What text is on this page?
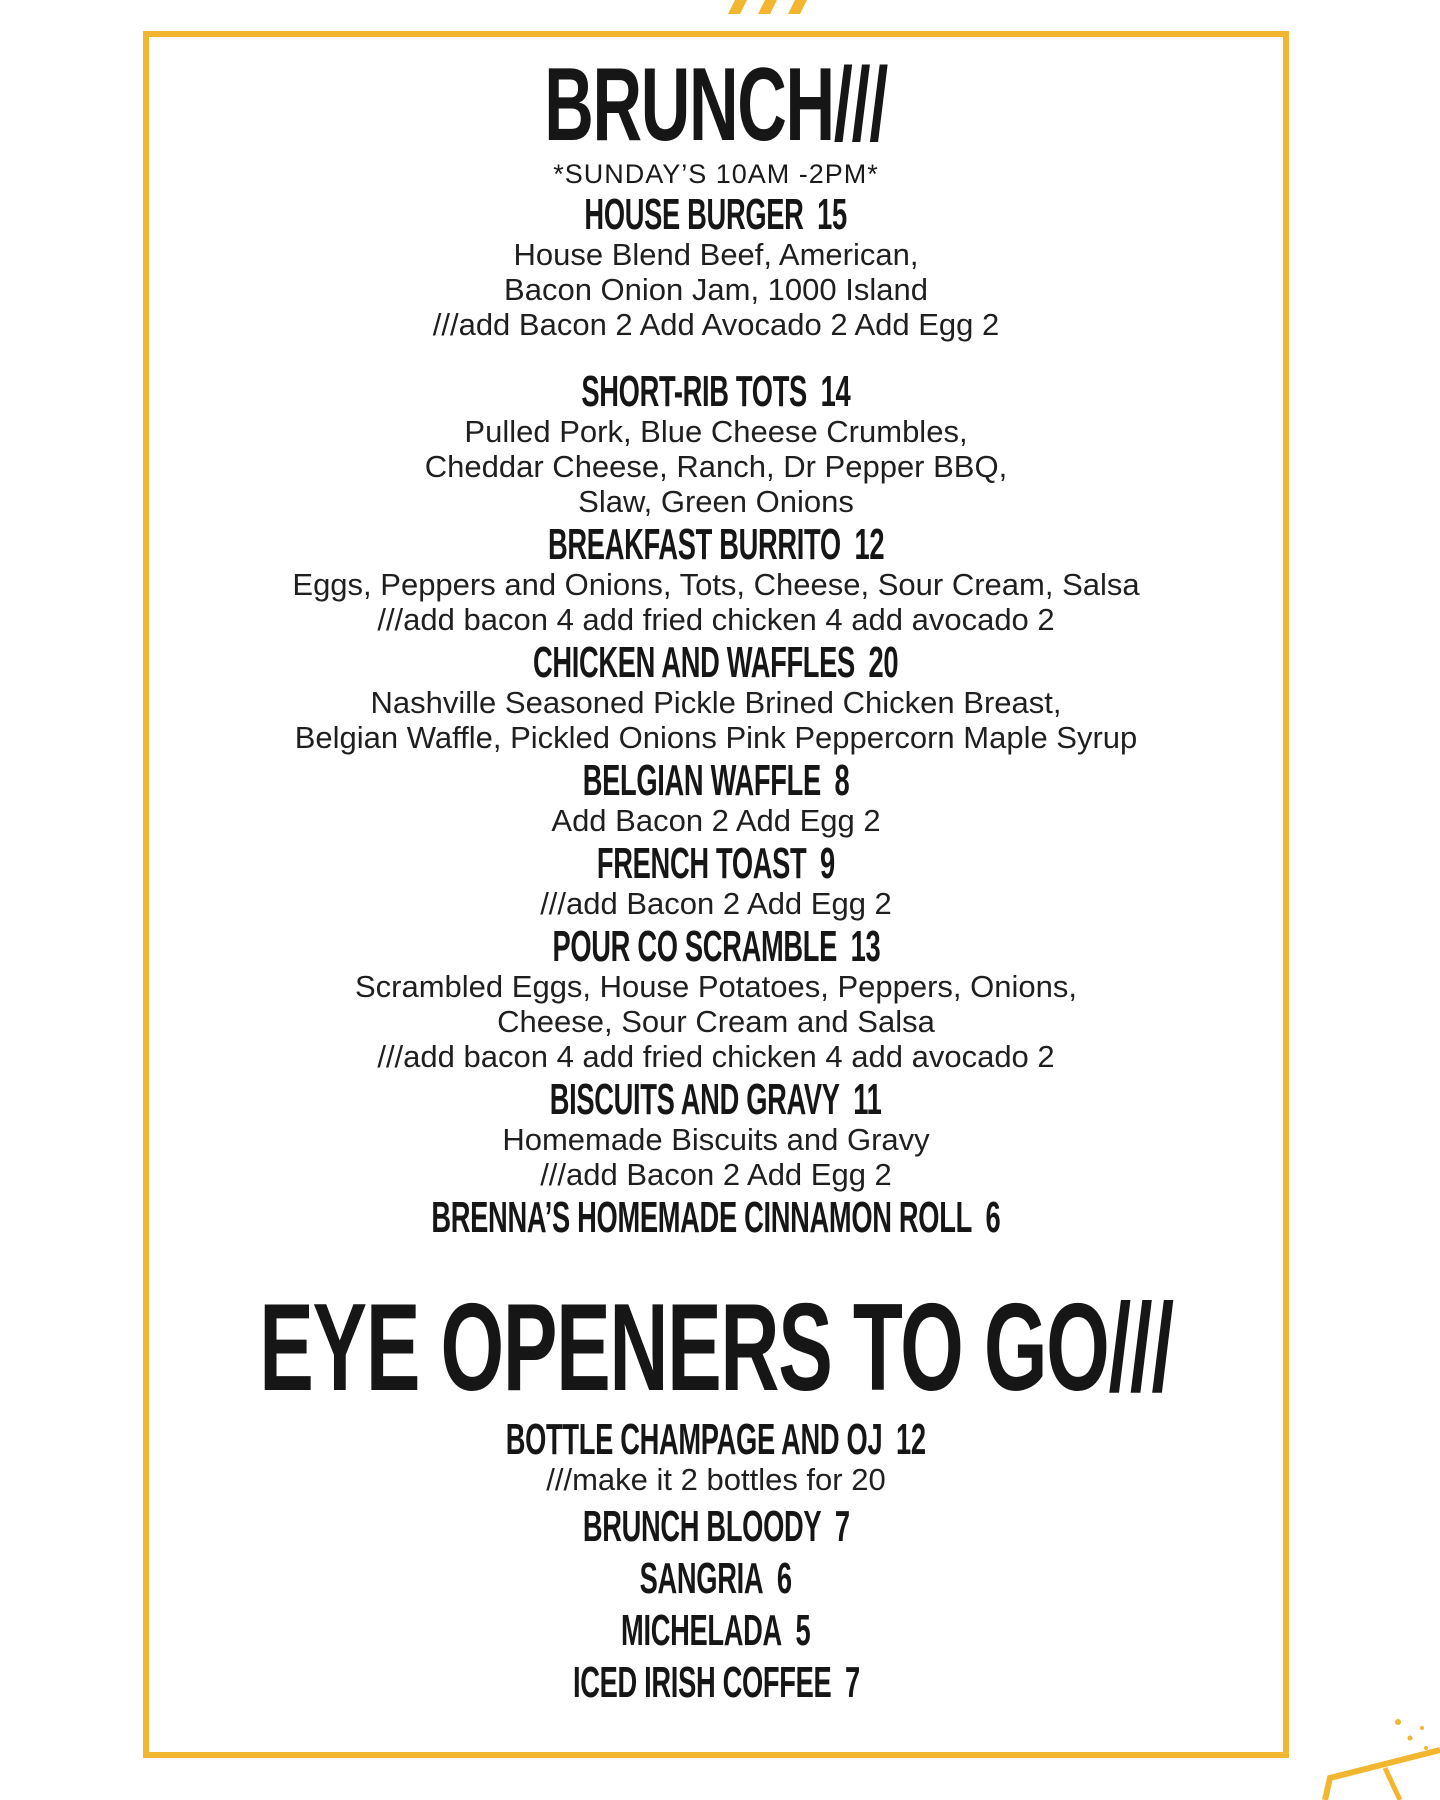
BRUNCH///
*SUNDAY’S 10AM -2PM*
HOUSE BURGER 15
House Blend Beef, American,
Bacon Onion Jam, 1000 Island
///add Bacon 2 Add Avocado 2 Add Egg 2
SHORT-RIB TOTS 14
Pulled Pork, Blue Cheese Crumbles,
Cheddar Cheese, Ranch, Dr Pepper BBQ,
Slaw, Green Onions
BREAKFAST BURRITO 12
Eggs, Peppers and Onions, Tots, Cheese, Sour Cream, Salsa
///add bacon 4 add fried chicken 4 add avocado 2
CHICKEN AND WAFFLES 20
Nashville Seasoned Pickle Brined Chicken Breast,
Belgian Waffle, Pickled Onions Pink Peppercorn Maple Syrup
BELGIAN WAFFLE 8
Add Bacon 2 Add Egg 2
FRENCH TOAST 9
///add Bacon 2 Add Egg 2
POUR CO SCRAMBLE 13
Scrambled Eggs, House Potatoes, Peppers, Onions,
Cheese, Sour Cream and Salsa
///add bacon 4 add fried chicken 4 add avocado 2
BISCUITS AND GRAVY 11
Homemade Biscuits and Gravy
///add Bacon 2 Add Egg 2
BRENNA’S HOMEMADE CINNAMON ROLL 6
EYE OPENERS TO GO///
BOTTLE CHAMPAGE AND OJ 12
///make it 2 bottles for 20
BRUNCH BLOODY 7
SANGRIA 6
MICHELADA 5
ICED IRISH COFFEE 7
